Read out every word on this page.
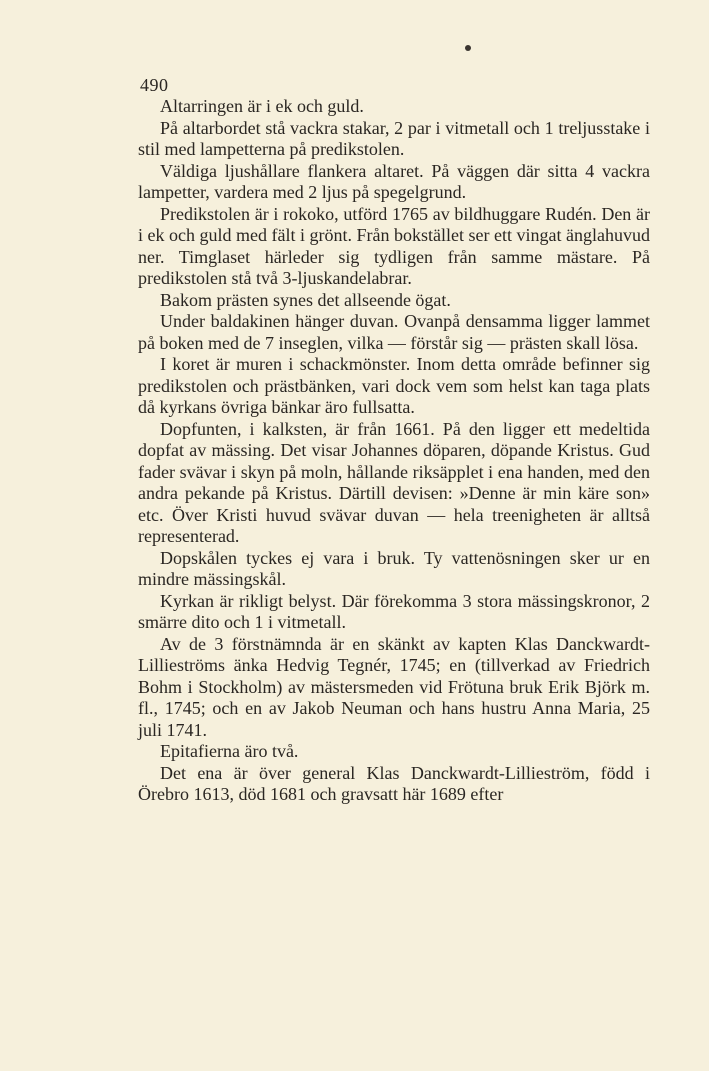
490

Altarringen är i ek och guld.

På altarbordet stå vackra stakar, 2 par i vitmetall och 1 treljusstake i stil med lampetterna på predikstolen.

Väldiga ljushållare flankera altaret. På väggen där sitta 4 vackra lampetter, vardera med 2 ljus på spegelgrund.

Predikstolen är i rokoko, utförd 1765 av bildhuggare Rudén. Den är i ek och guld med fält i grönt. Från bokstället ser ett vingat änglahuvud ner. Timglaset härleder sig tydligen från samme mästare. På predikstolen stå två 3-ljuskandelabrar.

Bakom prästen synes det allseende ögat.

Under baldakinen hänger duvan. Ovanpå densamma ligger lammet på boken med de 7 inseglen, vilka — förstår sig — prästen skall lösa.

I koret är muren i schackmönster. Inom detta område befinner sig predikstolen och prästbänken, vari dock vem som helst kan taga plats då kyrkans övriga bänkar äro fullsatta.

Dopfunten, i kalksten, är från 1661. På den ligger ett medeltida dopfat av mässing. Det visar Johannes döparen, döpande Kristus. Gud fader svävar i skyn på moln, hållande riksäpplet i ena handen, med den andra pekande på Kristus. Därtill devisen: »Denne är min käre son» etc. Över Kristi huvud svävar duvan — hela treenigheten är alltså representerad.

Dopskålen tyckes ej vara i bruk. Ty vattenösningen sker ur en mindre mässingskål.

Kyrkan är rikligt belyst. Där förekomma 3 stora mässingskronor, 2 smärre dito och 1 i vitmetall.

Av de 3 förstnämnda är en skänkt av kapten Klas Danckwardt-Lillieströms änka Hedvig Tegnér, 1745; en (tillverkad av Friedrich Bohm i Stockholm) av mästersmeden vid Frötuna bruk Erik Björk m. fl., 1745; och en av Jakob Neuman och hans hustru Anna Maria, 25 juli 1741.

Epitafierna äro två.

Det ena är över general Klas Danckwardt-Lillieström, född i Örebro 1613, död 1681 och gravsatt här 1689 efter
